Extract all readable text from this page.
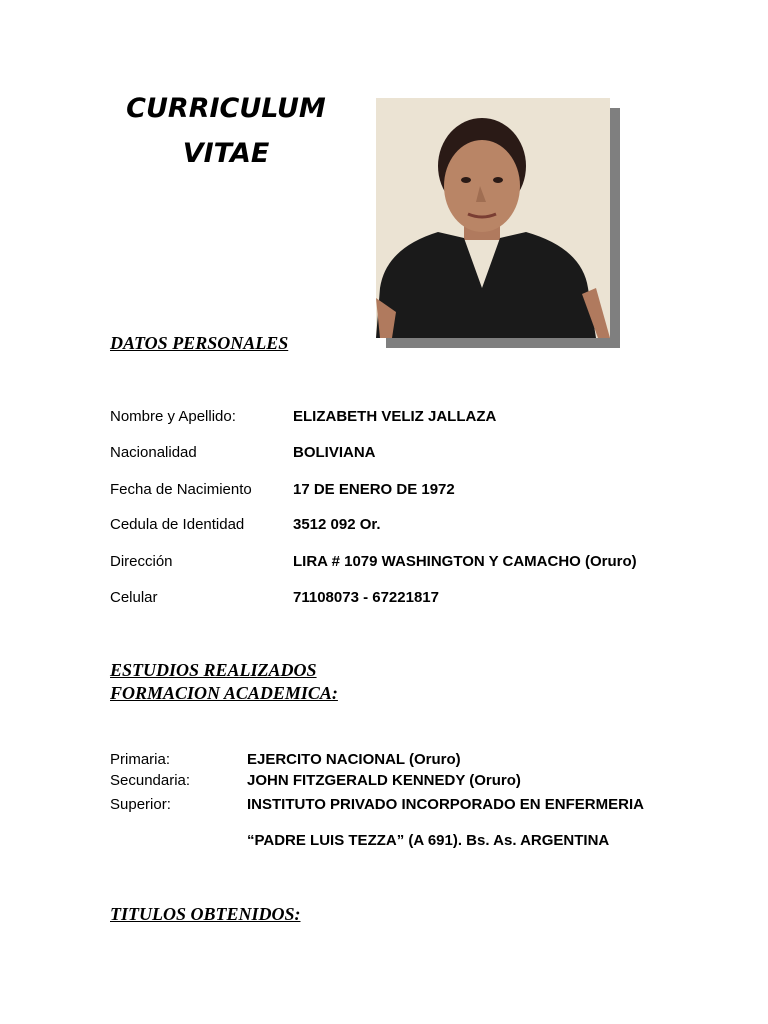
CURRICULUM
VITAE
DATOS PERSONALES
Nombre y Apellido:	ELIZABETH VELIZ JALLAZA
Nacionalidad	BOLIVIANA
Fecha de Nacimiento	17 DE ENERO DE 1972
Cedula de Identidad	3512 092 Or.
Dirección	LIRA # 1079 WASHINGTON Y CAMACHO (Oruro)
Celular	71108073 - 67221817
ESTUDIOS REALIZADOS
FORMACION ACADEMICA:
Primaria:	EJERCITO NACIONAL (Oruro)
Secundaria:	JOHN FITZGERALD KENNEDY (Oruro)
Superior:	INSTITUTO PRIVADO INCORPORADO EN ENFERMERIA
“PADRE LUIS TEZZA” (A 691). Bs. As. ARGENTINA
TITULOS OBTENIDOS:
